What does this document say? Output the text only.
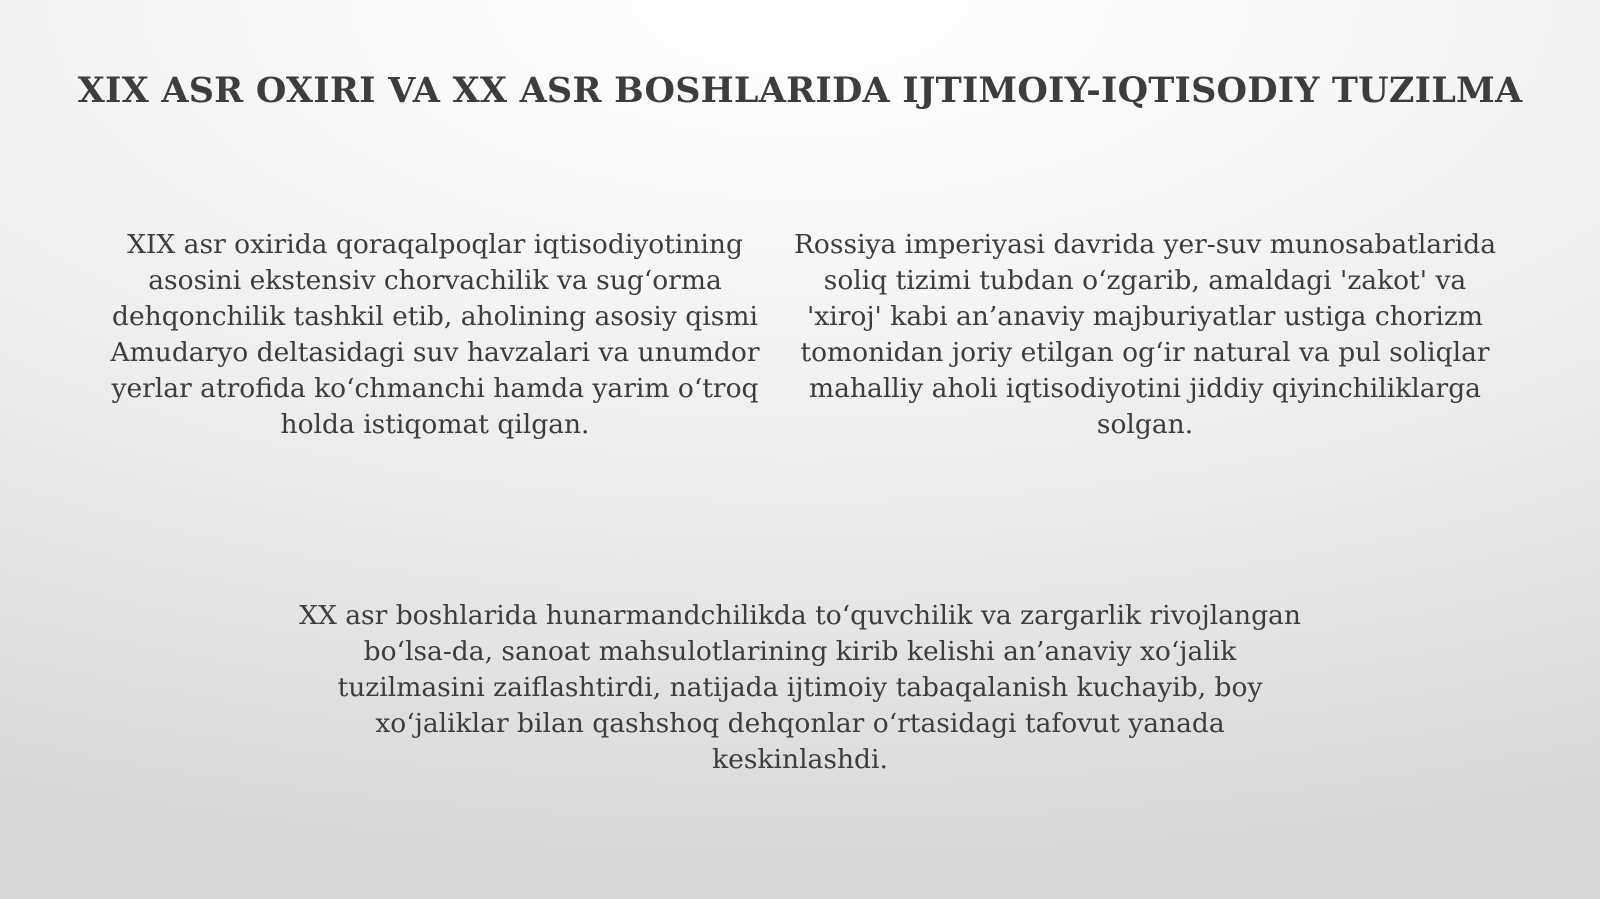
XIX ASR OXIRI VA XX ASR BOSHLARIDA IJTIMOIY-IQTISODIY TUZILMA

XIX asr oxirida qoraqalpoqlar iqtisodiyotining asosini ekstensiv chorvachilik va sug‘orma dehqonchilik tashkil etib, aholining asosiy qismi Amudaryo deltasidagi suv havzalari va unumdor yerlar atrofida ko‘chmanchi hamda yarim o‘troq holda istiqomat qilgan.

Rossiya imperiyasi davrida yer-suv munosabatlarida soliq tizimi tubdan o‘zgarib, amaldagi 'zakot' va 'xiroj' kabi an’anaviy majburiyatlar ustiga chorizm tomonidan joriy etilgan og‘ir natural va pul soliqlar mahalliy aholi iqtisodiyotini jiddiy qiyinchiliklarga solgan.

XX asr boshlarida hunarmandchilikda to‘quvchilik va zargarlik rivojlangan bo‘lsa-da, sanoat mahsulotlarining kirib kelishi an’anaviy xo‘jalik tuzilmasini zaiflashtirdi, natijada ijtimoiy tabaqalanish kuchayib, boy xo‘jaliklar bilan qashshoq dehqonlar o‘rtasidagi tafovut yanada keskinlashdi.
